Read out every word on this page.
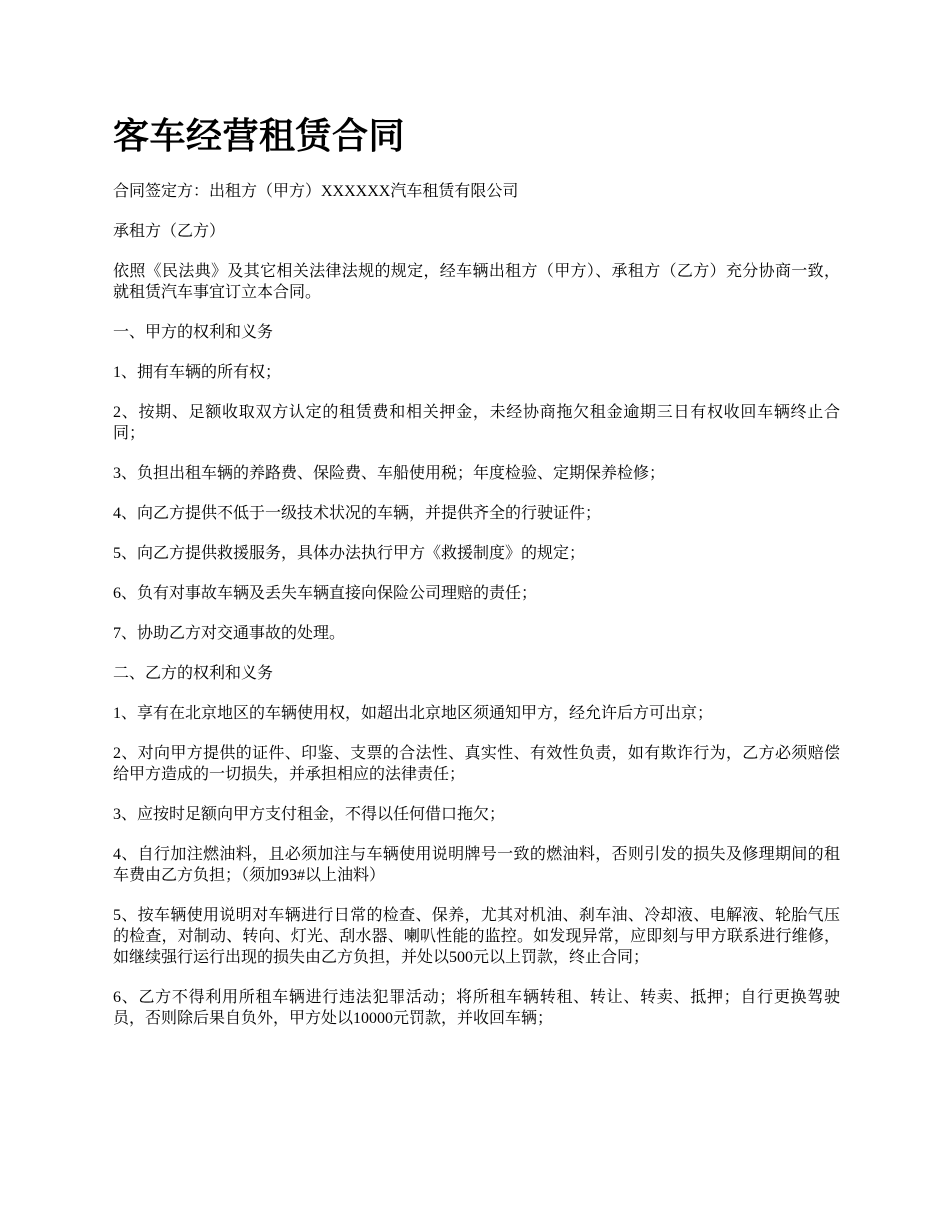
客车经营租赁合同

合同签定方：出租方（甲方）XXXXXX汽车租赁有限公司

承租方（乙方）

依照《民法典》及其它相关法律法规的规定，经车辆出租方（甲方）、承租方（乙方）充分协商一致，就租赁汽车事宜订立本合同。

一、甲方的权利和义务

1、拥有车辆的所有权；

2、按期、足额收取双方认定的租赁费和相关押金，未经协商拖欠租金逾期三日有权收回车辆终止合同；

3、负担出租车辆的养路费、保险费、车船使用税；年度检验、定期保养检修；

4、向乙方提供不低于一级技术状况的车辆，并提供齐全的行驶证件；

5、向乙方提供救援服务，具体办法执行甲方《救援制度》的规定；

6、负有对事故车辆及丢失车辆直接向保险公司理赔的责任；

7、协助乙方对交通事故的处理。

二、乙方的权利和义务

1、享有在北京地区的车辆使用权，如超出北京地区须通知甲方，经允许后方可出京；

2、对向甲方提供的证件、印鉴、支票的合法性、真实性、有效性负责，如有欺诈行为，乙方必须赔偿给甲方造成的一切损失，并承担相应的法律责任；

3、应按时足额向甲方支付租金，不得以任何借口拖欠；

4、自行加注燃油料，且必须加注与车辆使用说明牌号一致的燃油料，否则引发的损失及修理期间的租车费由乙方负担；（须加93#以上油料）

5、按车辆使用说明对车辆进行日常的检查、保养，尤其对机油、刹车油、冷却液、电解液、轮胎气压的检查，对制动、转向、灯光、刮水器、喇叭性能的监控。如发现异常，应即刻与甲方联系进行维修，如继续强行运行出现的损失由乙方负担，并处以500元以上罚款，终止合同；

6、乙方不得利用所租车辆进行违法犯罪活动；将所租车辆转租、转让、转卖、抵押；自行更换驾驶员，否则除后果自负外，甲方处以10000元罚款，并收回车辆；
